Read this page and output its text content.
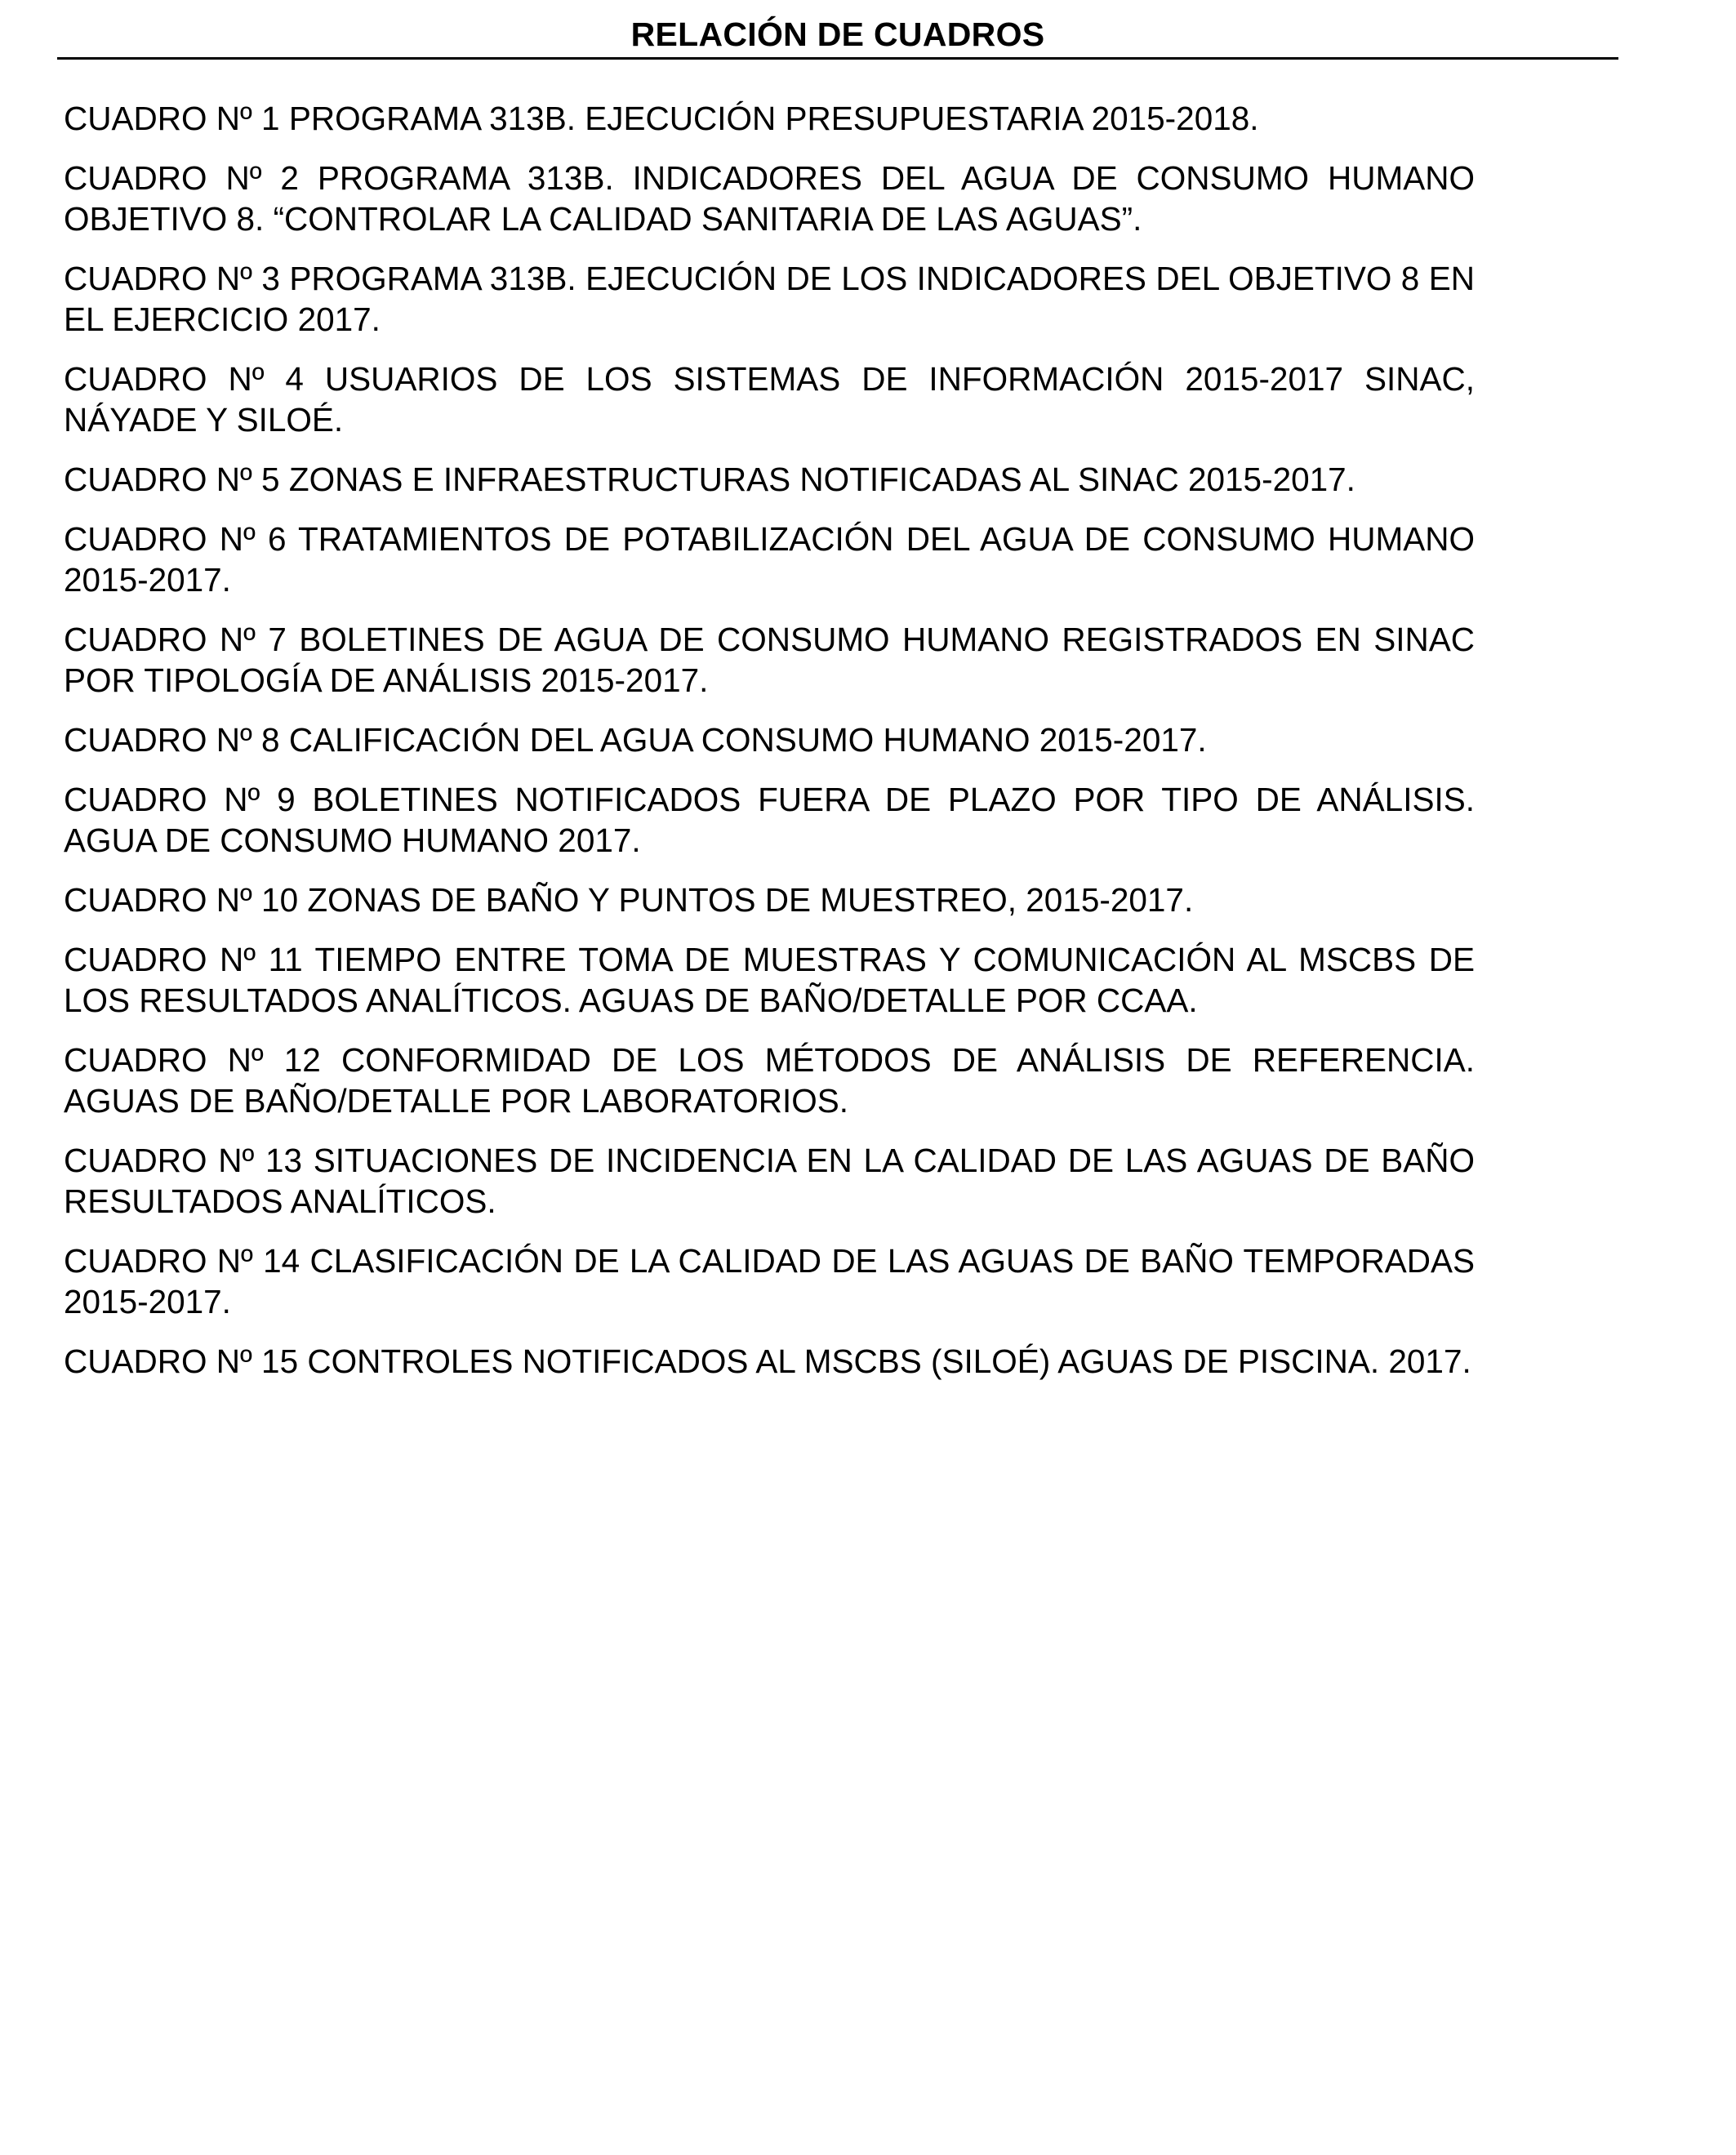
RELACIÓN DE CUADROS
CUADRO Nº 1 PROGRAMA 313B. EJECUCIÓN PRESUPUESTARIA 2015-2018.
CUADRO Nº 2 PROGRAMA 313B. INDICADORES DEL AGUA DE CONSUMO HUMANO OBJETIVO 8. “CONTROLAR LA CALIDAD SANITARIA DE LAS AGUAS”.
CUADRO Nº 3 PROGRAMA 313B. EJECUCIÓN DE LOS INDICADORES DEL OBJETIVO 8 EN EL EJERCICIO 2017.
CUADRO Nº 4 USUARIOS DE LOS SISTEMAS DE INFORMACIÓN 2015-2017 SINAC, NÁYADE Y SILOÉ.
CUADRO Nº 5 ZONAS E INFRAESTRUCTURAS NOTIFICADAS AL SINAC 2015-2017.
CUADRO Nº 6 TRATAMIENTOS DE POTABILIZACIÓN DEL AGUA DE CONSUMO HUMANO 2015-2017.
CUADRO Nº 7 BOLETINES DE AGUA DE CONSUMO HUMANO REGISTRADOS EN SINAC POR TIPOLOGÍA DE ANÁLISIS 2015-2017.
CUADRO Nº 8 CALIFICACIÓN DEL AGUA CONSUMO HUMANO 2015-2017.
CUADRO Nº 9 BOLETINES NOTIFICADOS FUERA DE PLAZO POR TIPO DE ANÁLISIS. AGUA DE CONSUMO HUMANO 2017.
CUADRO Nº 10 ZONAS DE BAÑO Y PUNTOS DE MUESTREO, 2015-2017.
CUADRO Nº 11 TIEMPO ENTRE TOMA DE MUESTRAS Y COMUNICACIÓN AL MSCBS DE LOS RESULTADOS ANALÍTICOS. AGUAS DE BAÑO/DETALLE POR CCAA.
CUADRO Nº 12 CONFORMIDAD DE LOS MÉTODOS DE ANÁLISIS DE REFERENCIA. AGUAS DE BAÑO/DETALLE POR LABORATORIOS.
CUADRO Nº 13 SITUACIONES DE INCIDENCIA EN LA CALIDAD DE LAS AGUAS DE BAÑO RESULTADOS ANALÍTICOS.
CUADRO Nº 14 CLASIFICACIÓN DE LA CALIDAD DE LAS AGUAS DE BAÑO TEMPORADAS 2015-2017.
CUADRO Nº 15 CONTROLES NOTIFICADOS AL MSCBS (SILOÉ) AGUAS DE PISCINA. 2017.
